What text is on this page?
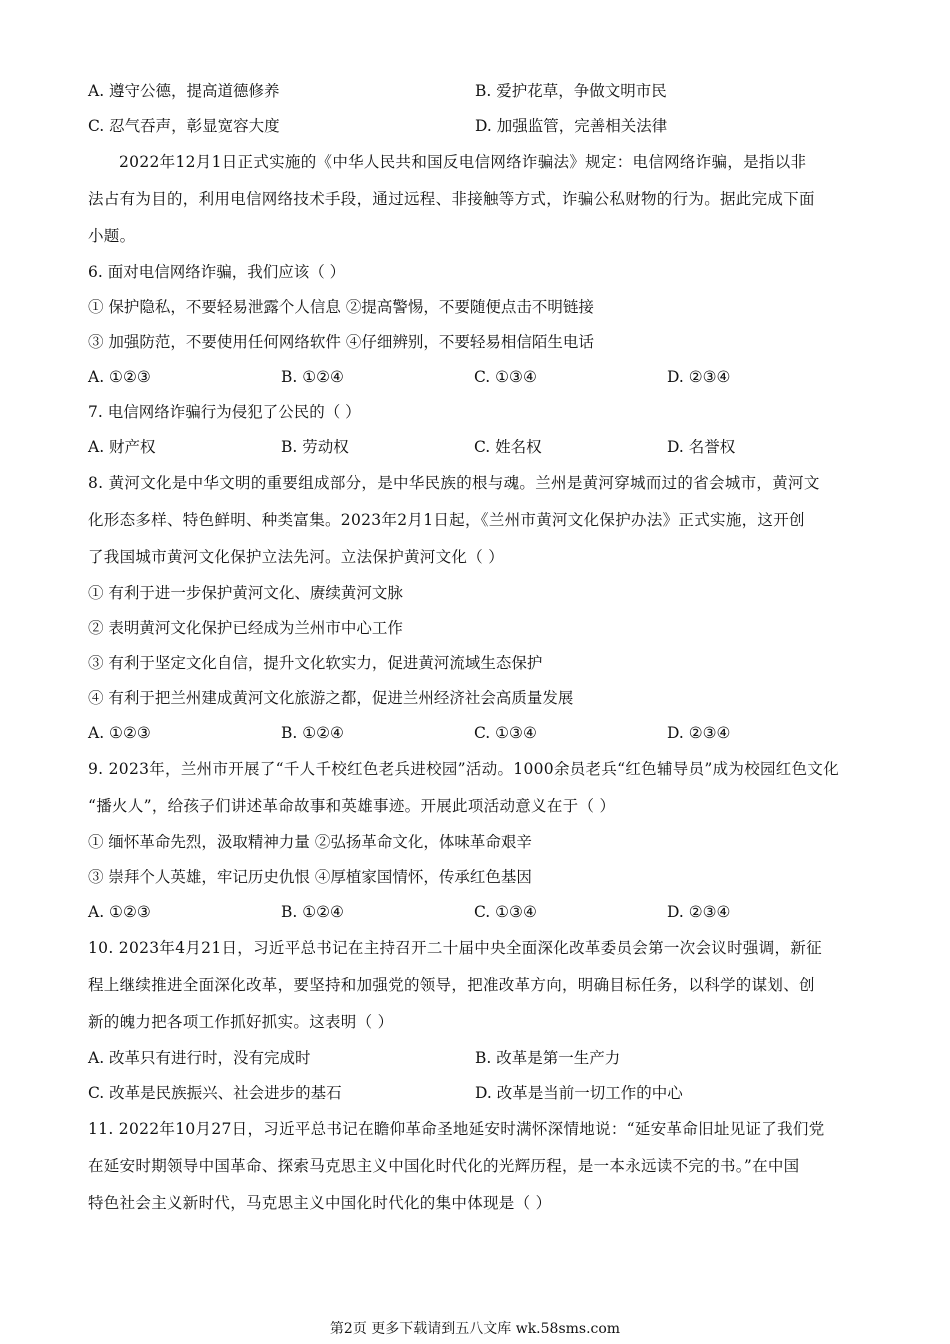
A. 遵守公德，提高道德修养	B. 爱护花草，争做文明市民
C. 忍气吞声，彰显宽容大度	D. 加强监管，完善相关法律
2022年12月1日正式实施的《中华人民共和国反电信网络诈骗法》规定：电信网络诈骗，是指以非
法占有为目的，利用电信网络技术手段，通过远程、非接触等方式，诈骗公私财物的行为。据此完成下面
小题。
6. 面对电信网络诈骗，我们应该（ ）
① 保护隐私，不要轻易泄露个人信息 ②提高警惕，不要随便点击不明链接
③ 加强防范，不要使用任何网络软件 ④仔细辨别，不要轻易相信陌生电话
A. ①②③	B. ①②④	C. ①③④	D. ②③④
7. 电信网络诈骗行为侵犯了公民的（ ）
A. 财产权	B. 劳动权	C. 姓名权	D. 名誉权
8. 黄河文化是中华文明的重要组成部分，是中华民族的根与魂。兰州是黄河穿城而过的省会城市，黄河文
化形态多样、特色鲜明、种类富集。2023年2月1日起，《兰州市黄河文化保护办法》正式实施，这开创
了我国城市黄河文化保护立法先河。立法保护黄河文化（ ）
① 有利于进一步保护黄河文化、赓续黄河文脉
② 表明黄河文化保护已经成为兰州市中心工作
③ 有利于坚定文化自信，提升文化软实力，促进黄河流域生态保护
④ 有利于把兰州建成黄河文化旅游之都，促进兰州经济社会高质量发展
A. ①②③	B. ①②④	C. ①③④	D. ②③④
9. 2023年，兰州市开展了“千人千校红色老兵进校园”活动。1000余员老兵“红色辅导员”成为校园红色文化
“播火人”，给孩子们讲述革命故事和英雄事迹。开展此项活动意义在于（ ）
① 缅怀革命先烈，汲取精神力量 ②弘扬革命文化，体味革命艰辛
③ 崇拜个人英雄，牢记历史仇恨 ④厚植家国情怀，传承红色基因
A. ①②③	B. ①②④	C. ①③④	D. ②③④
10. 2023年4月21日，习近平总书记在主持召开二十届中央全面深化改革委员会第一次会议时强调，新征
程上继续推进全面深化改革，要坚持和加强党的领导，把准改革方向，明确目标任务，以科学的谋划、创
新的魄力把各项工作抓好抓实。这表明（ ）
A. 改革只有进行时，没有完成时	B. 改革是第一生产力
C. 改革是民族振兴、社会进步的基石	D. 改革是当前一切工作的中心
11. 2022年10月27日，习近平总书记在瞻仰革命圣地延安时满怀深情地说：“延安革命旧址见证了我们党
在延安时期领导中国革命、探索马克思主义中国化时代化的光辉历程，是一本永远读不完的书。”在中国
特色社会主义新时代，马克思主义中国化时代化的集中体现是（ ）
第2页 更多下载请到五八文库 wk.58sms.com
